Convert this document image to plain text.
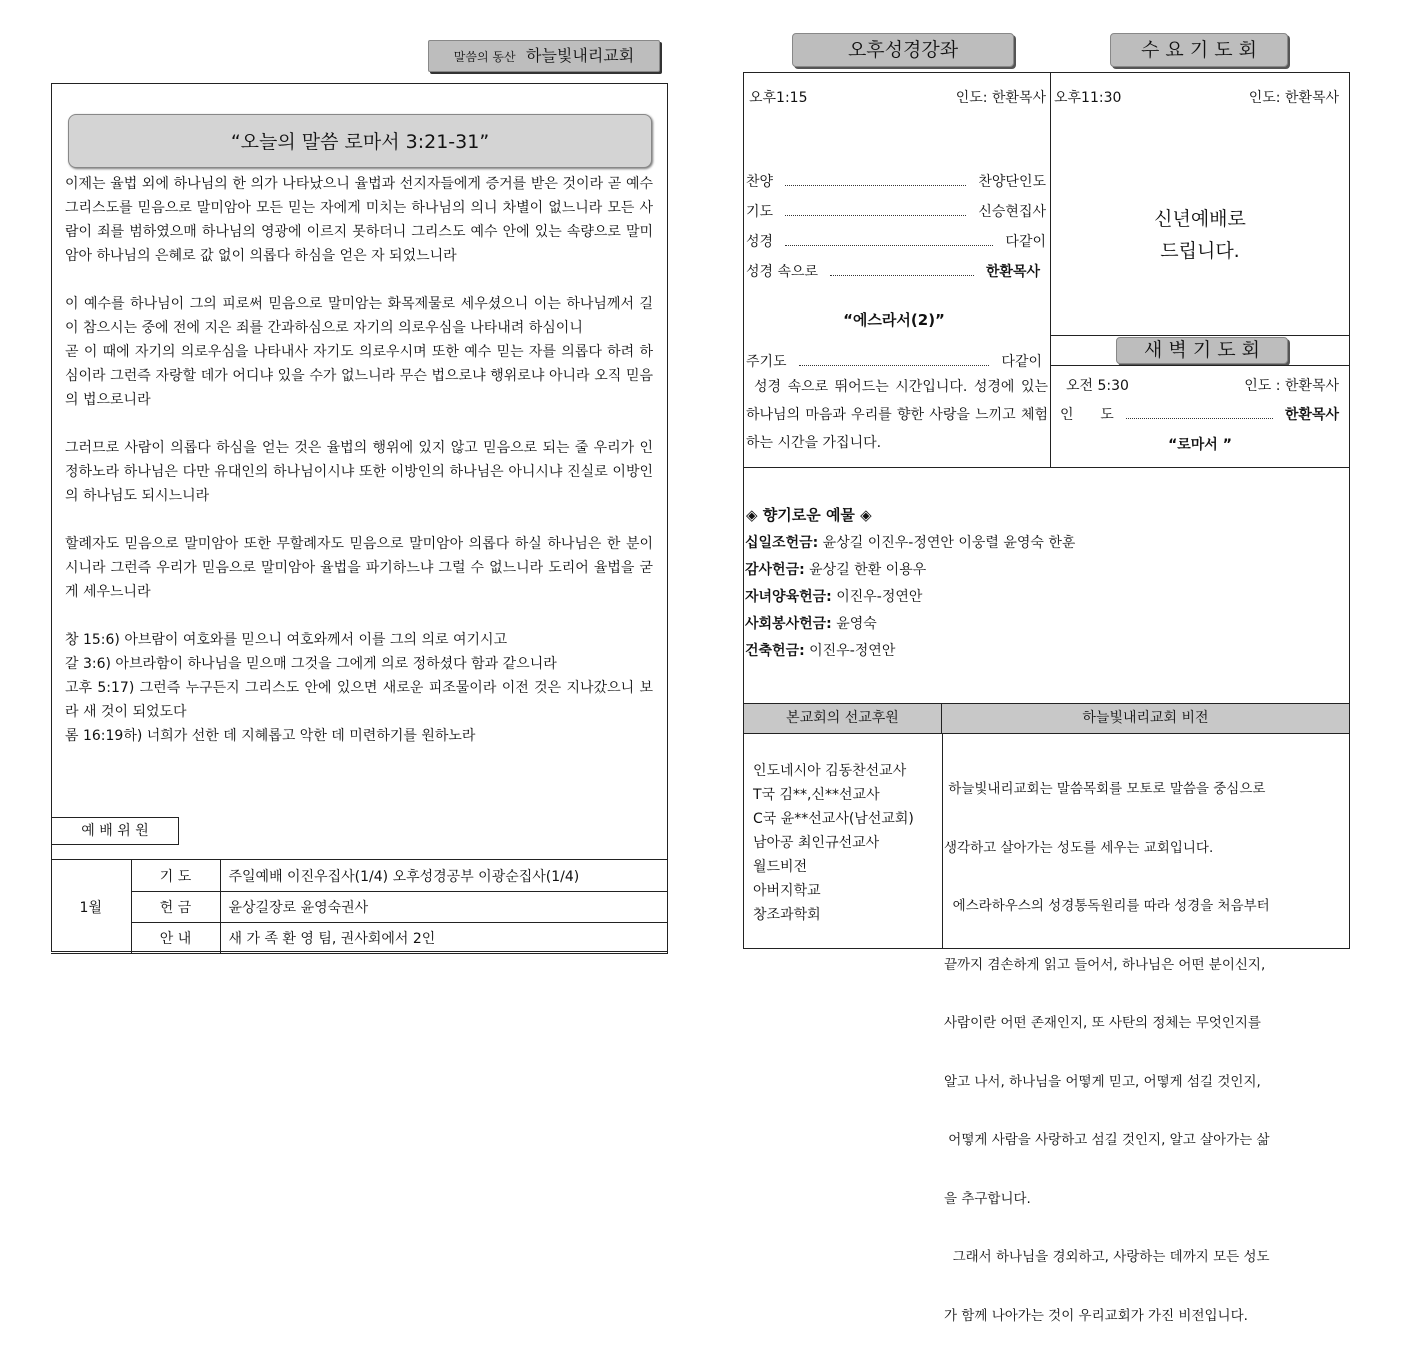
말씀의 동산 하늘빛내리교회
“오늘의 말씀 로마서 3:21-31”

이제는 율법 외에 하나님의 한 의가 나타났으니 율법과 선지자들에게 증거를 받은 것이라 곧 예수 그리스도를 믿음으로 말미암아 모든 믿는 자에게 미치는 하나님의 의니 차별이 없느니라 모든 사람이 죄를 범하였으매 하나님의 영광에 이르지 못하더니 그리스도 예수 안에 있는 속량으로 말미암아 하나님의 은혜로 값 없이 의롭다 하심을 얻은 자 되었느니라

이 예수를 하나님이 그의 피로써 믿음으로 말미암는 화목제물로 세우셨으니 이는 하나님께서 길이 참으시는 중에 전에 지은 죄를 간과하심으로 자기의 의로우심을 나타내려 하심이니
곧 이 때에 자기의 의로우심을 나타내사 자기도 의로우시며 또한 예수 믿는 자를 의롭다 하려 하심이라 그런즉 자랑할 데가 어디냐 있을 수가 없느니라 무슨 법으로냐 행위로냐 아니라 오직 믿음의 법으로니라

그러므로 사람이 의롭다 하심을 얻는 것은 율법의 행위에 있지 않고 믿음으로 되는 줄 우리가 인정하노라 하나님은 다만 유대인의 하나님이시냐 또한 이방인의 하나님은 아니시냐 진실로 이방인의 하나님도 되시느니라

할례자도 믿음으로 말미암아 또한 무할례자도 믿음으로 말미암아 의롭다 하실 하나님은 한 분이시니라 그런즉 우리가 믿음으로 말미암아 율법을 파기하느냐 그럴 수 없느니라 도리어 율법을 굳게 세우느니라

창 15:6) 아브람이 여호와를 믿으니 여호와께서 이를 그의 의로 여기시고
갈 3:6) 아브라함이 하나님을 믿으매 그것을 그에게 의로 정하셨다 함과 같으니라
고후 5:17) 그런즉 누구든지 그리스도 안에 있으면 새로운 피조물이라 이전 것은 지나갔으니 보라 새 것이 되었도다
롬 16:19하) 너희가 선한 데 지혜롭고 악한 데 미련하기를 원하노라
예 배 위 원
1월	기 도	주일예배 이진우집사(1/4) 오후성경공부 이광순집사(1/4)
	헌 금	윤상길장로 윤영숙권사
	안 내	새 가 족 환 영 팀, 권사회에서 2인
오후성경강좌	수 요 기 도 회
오후1:15	인도: 한환목사
찬양	찬양단인도
기도	신승현집사
성경	다같이
성경 속으로	한환목사
“에스라서(2)”
주기도	다같이
성경 속으로 뛰어드는 시간입니다. 성경에 있는 하나님의 마음과 우리를 향한 사랑을 느끼고 체험하는 시간을 가집니다.
오후11:30	인도: 한환목사
신년예배로
드립니다.
새 벽 기 도 회
오전 5:30	인도 : 한환목사
인      도	한환목사
“로마서 ”
◈ 향기로운 예물 ◈
십일조헌금: 윤상길 이진우-정연안 이웅렬 윤영숙 한훈
감사헌금: 윤상길 한환 이용우
자녀양육헌금: 이진우-정연안
사회봉사헌금: 윤영숙
건축헌금: 이진우-정연안
본교회의 선교후원	하늘빛내리교회 비전
인도네시아 김동찬선교사
T국 김**,신**선교사
C국 윤**선교사(남선교회)
남아공 최인규선교사
월드비전
아버지학교
창조과학회

하늘빛내리교회는 말씀목회를 모토로 말씀을 중심으로

생각하고 살아가는 성도를 세우는 교회입니다.

에스라하우스의 성경통독원리를 따라 성경을 처음부터

끝까지 겸손하게 읽고 들어서, 하나님은 어떤 분이신지,

사람이란 어떤 존재인지, 또 사탄의 정체는 무엇인지를

알고 나서, 하나님을 어떻게 믿고, 어떻게 섬길 것인지,

어떻게 사람을 사랑하고 섬길 것인지, 알고 살아가는 삶

을 추구합니다.

그래서 하나님을 경외하고, 사랑하는 데까지 모든 성도

가 함께 나아가는 것이 우리교회가 가진 비전입니다.
